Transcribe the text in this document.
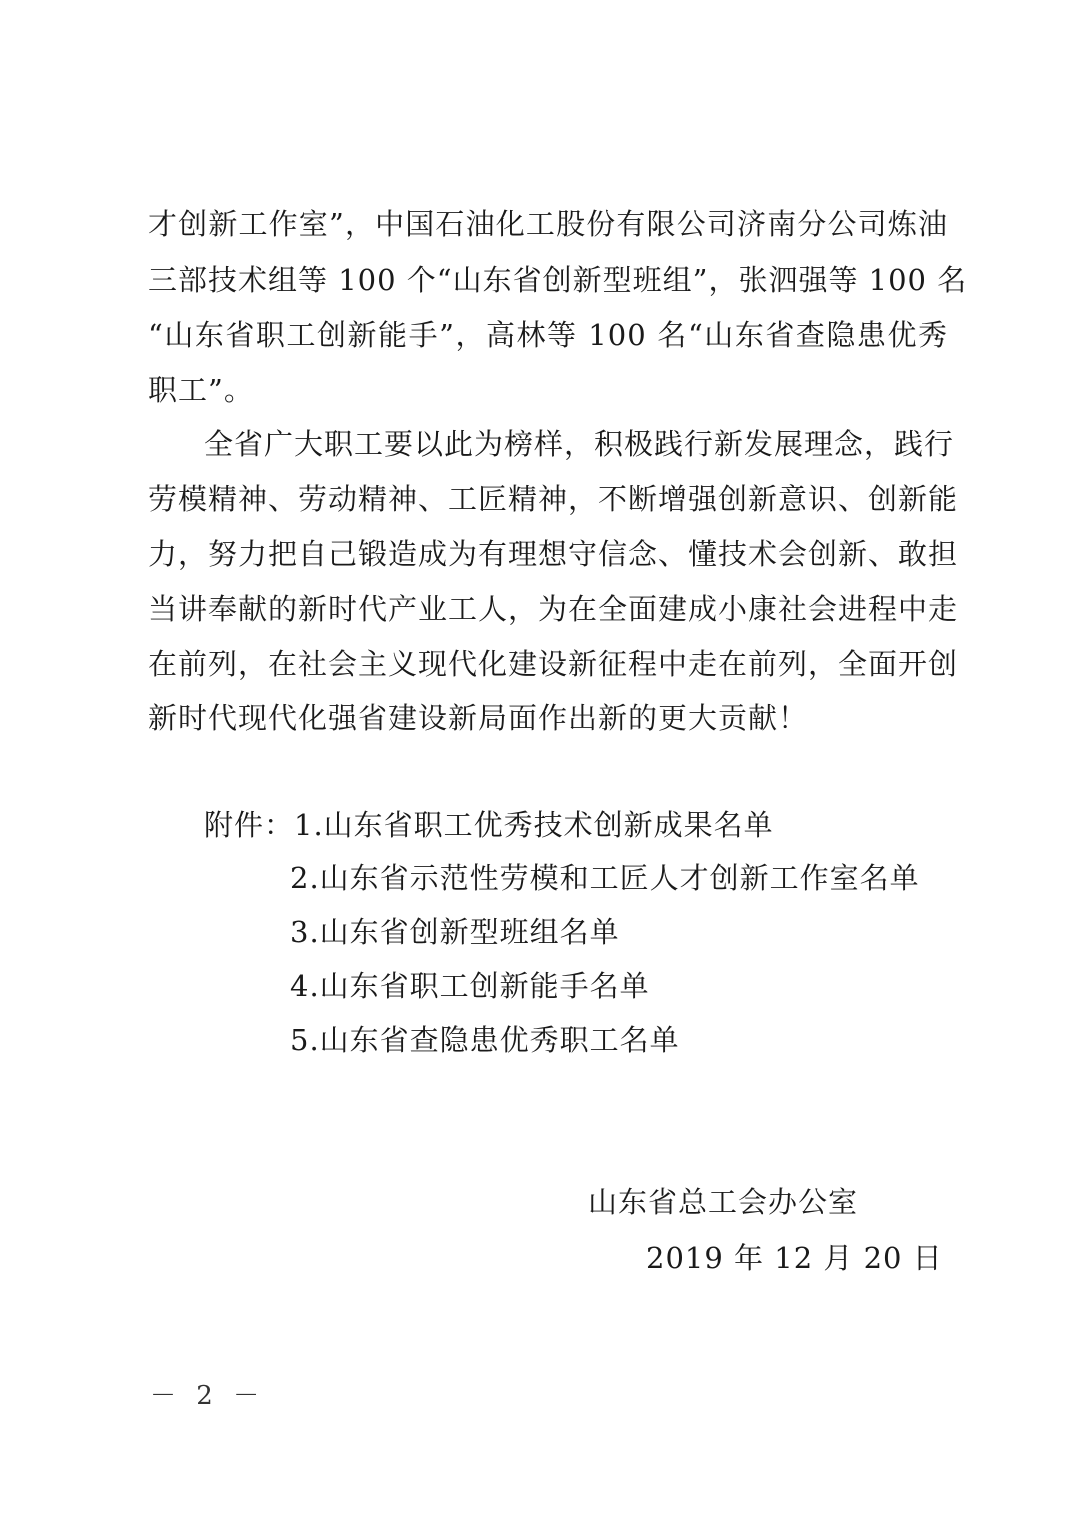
才创新工作室”，中国石油化工股份有限公司济南分公司炼油
三部技术组等 100 个“山东省创新型班组”，张泗强等 100 名
“山东省职工创新能手”，高林等 100 名“山东省查隐患优秀
职工”。
全省广大职工要以此为榜样，积极践行新发展理念，践行
劳模精神、劳动精神、工匠精神，不断增强创新意识、创新能
力，努力把自己锻造成为有理想守信念、懂技术会创新、敢担
当讲奉献的新时代产业工人，为在全面建成小康社会进程中走
在前列，在社会主义现代化建设新征程中走在前列，全面开创
新时代现代化强省建设新局面作出新的更大贡献！
附件：1.山东省职工优秀技术创新成果名单
2.山东省示范性劳模和工匠人才创新工作室名单
3.山东省创新型班组名单
4.山东省职工创新能手名单
5.山东省查隐患优秀职工名单
山东省总工会办公室
2019 年 12 月 20 日
－ 2 －
